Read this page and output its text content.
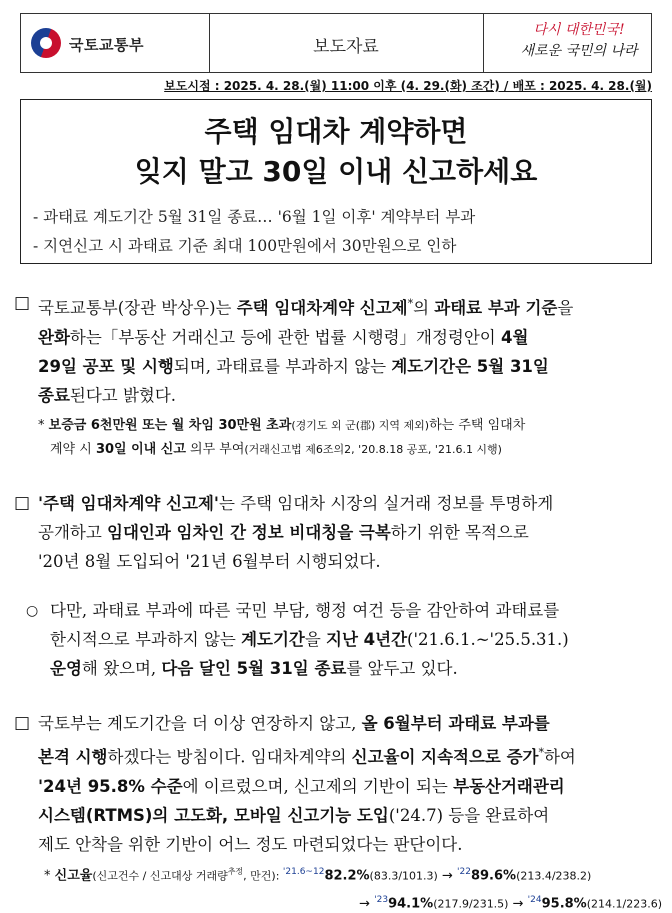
국토교통부	보도자료
다시 대한민국!
새로운 국민의 나라
보도시점 : 2025. 4. 28.(월) 11:00 이후 (4. 29.(화) 조간) / 배포 : 2025. 4. 28.(월)
주택 임대차 계약하면
잊지 말고 30일 이내 신고하세요
- 과태료 계도기간 5월 31일 종료… '6월 1일 이후' 계약부터 부과
- 지연신고 시 과태료 기준 최대 100만원에서 30만원으로 인하
□ 국토교통부(장관 박상우)는 주택 임대차계약 신고제*의 과태료 부과 기준을
완화하는「부동산 거래신고 등에 관한 법률 시행령」개정령안이 4월
29일 공포 및 시행되며, 과태료를 부과하지 않는 계도기간은 5월 31일
종료된다고 밝혔다.
* 보증금 6천만원 또는 월 차임 30만원 초과(경기도 외 군(郡) 지역 제외)하는 주택 임대차
계약 시 30일 이내 신고 의무 부여(거래신고법 제6조의2, '20.8.18 공포, '21.6.1 시행)
□ '주택 임대차계약 신고제'는 주택 임대차 시장의 실거래 정보를 투명하게
공개하고 임대인과 임차인 간 정보 비대칭을 극복하기 위한 목적으로
'20년 8월 도입되어 '21년 6월부터 시행되었다.
○ 다만, 과태료 부과에 따른 국민 부담, 행정 여건 등을 감안하여 과태료를
한시적으로 부과하지 않는 계도기간을 지난 4년간('21.6.1.~'25.5.31.)
운영해 왔으며, 다음 달인 5월 31일 종료를 앞두고 있다.
□ 국토부는 계도기간을 더 이상 연장하지 않고, 올 6월부터 과태료 부과를
본격 시행하겠다는 방침이다. 임대차계약의 신고율이 지속적으로 증가*하여
'24년 95.8% 수준에 이르렀으며, 신고제의 기반이 되는 부동산거래관리
시스템(RTMS)의 고도화, 모바일 신고기능 도입('24.7) 등을 완료하여
제도 안착을 위한 기반이 어느 정도 마련되었다는 판단이다.
* 신고율(신고건수 / 신고대상 거래량$^{추정}$, 만건): $^{'21.6\sim 12}$82.2%(83.3/101.3) → $^{'22}$89.6%(213.4/238.2)
→ $^{'23}$94.1%(217.9/231.5) → $^{'24}$95.8%(214.1/223.6)
